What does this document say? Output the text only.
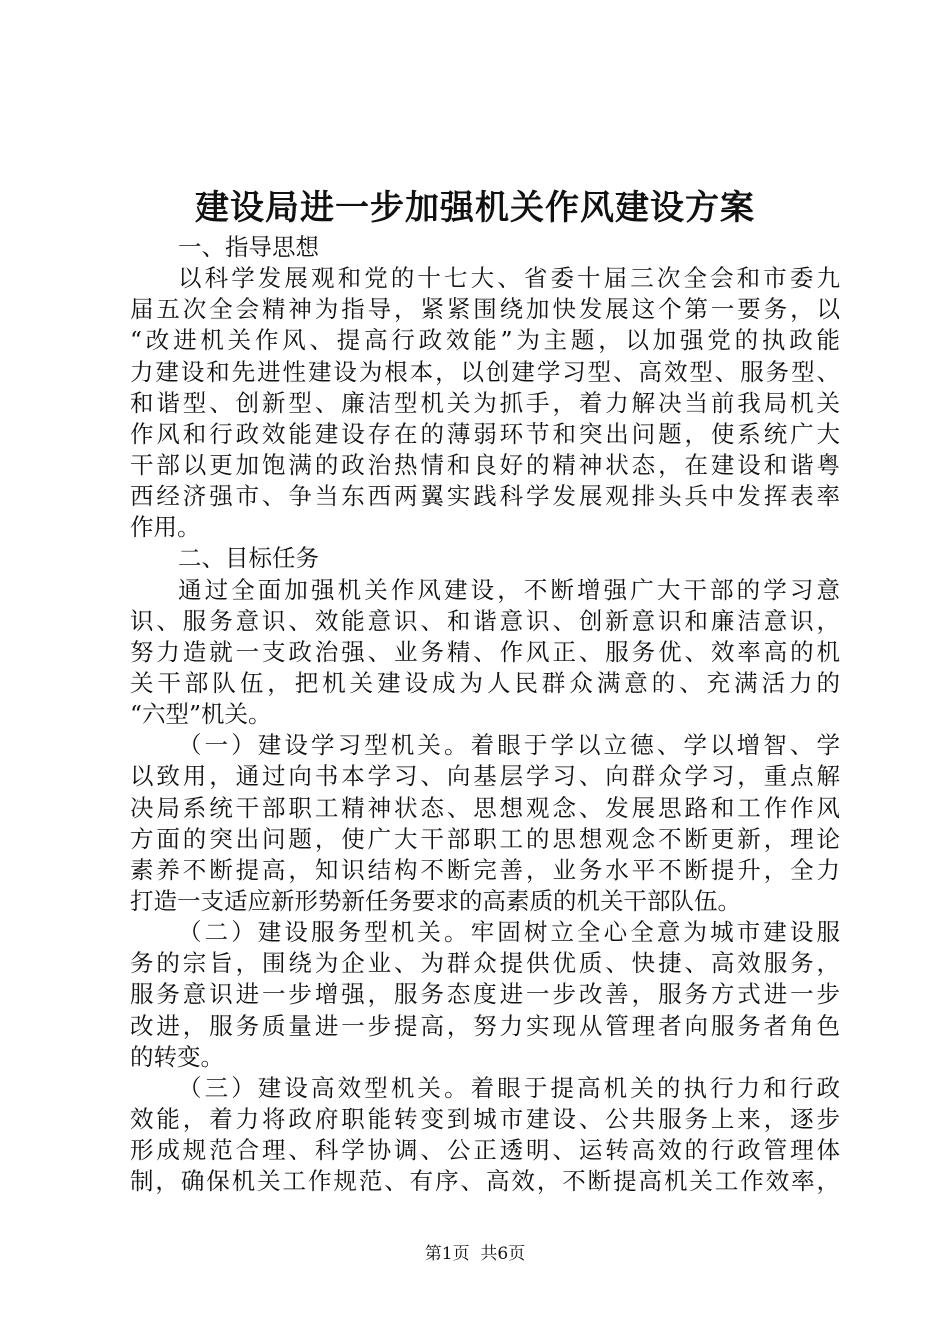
建设局进一步加强机关作风建设方案
一、指导思想
以科学发展观和党的十七大、省委十届三次全会和市委九
届五次全会精神为指导，紧紧围绕加快发展这个第一要务，以
“改进机关作风、提高行政效能”为主题，以加强党的执政能
力建设和先进性建设为根本，以创建学习型、高效型、服务型、
和谐型、创新型、廉洁型机关为抓手，着力解决当前我局机关
作风和行政效能建设存在的薄弱环节和突出问题，使系统广大
干部以更加饱满的政治热情和良好的精神状态，在建设和谐粤
西经济强市、争当东西两翼实践科学发展观排头兵中发挥表率
作用。
二、目标任务
通过全面加强机关作风建设，不断增强广大干部的学习意
识、服务意识、效能意识、和谐意识、创新意识和廉洁意识，
努力造就一支政治强、业务精、作风正、服务优、效率高的机
关干部队伍，把机关建设成为人民群众满意的、充满活力的
“六型”机关。
（一）建设学习型机关。着眼于学以立德、学以增智、学
以致用，通过向书本学习、向基层学习、向群众学习，重点解
决局系统干部职工精神状态、思想观念、发展思路和工作作风
方面的突出问题，使广大干部职工的思想观念不断更新，理论
素养不断提高，知识结构不断完善，业务水平不断提升，全力
打造一支适应新形势新任务要求的高素质的机关干部队伍。
（二）建设服务型机关。牢固树立全心全意为城市建设服
务的宗旨，围绕为企业、为群众提供优质、快捷、高效服务，
服务意识进一步增强，服务态度进一步改善，服务方式进一步
改进，服务质量进一步提高，努力实现从管理者向服务者角色
的转变。
（三）建设高效型机关。着眼于提高机关的执行力和行政
效能，着力将政府职能转变到城市建设、公共服务上来，逐步
形成规范合理、科学协调、公正透明、运转高效的行政管理体
制，确保机关工作规范、有序、高效，不断提高机关工作效率，
第1页  共6页
